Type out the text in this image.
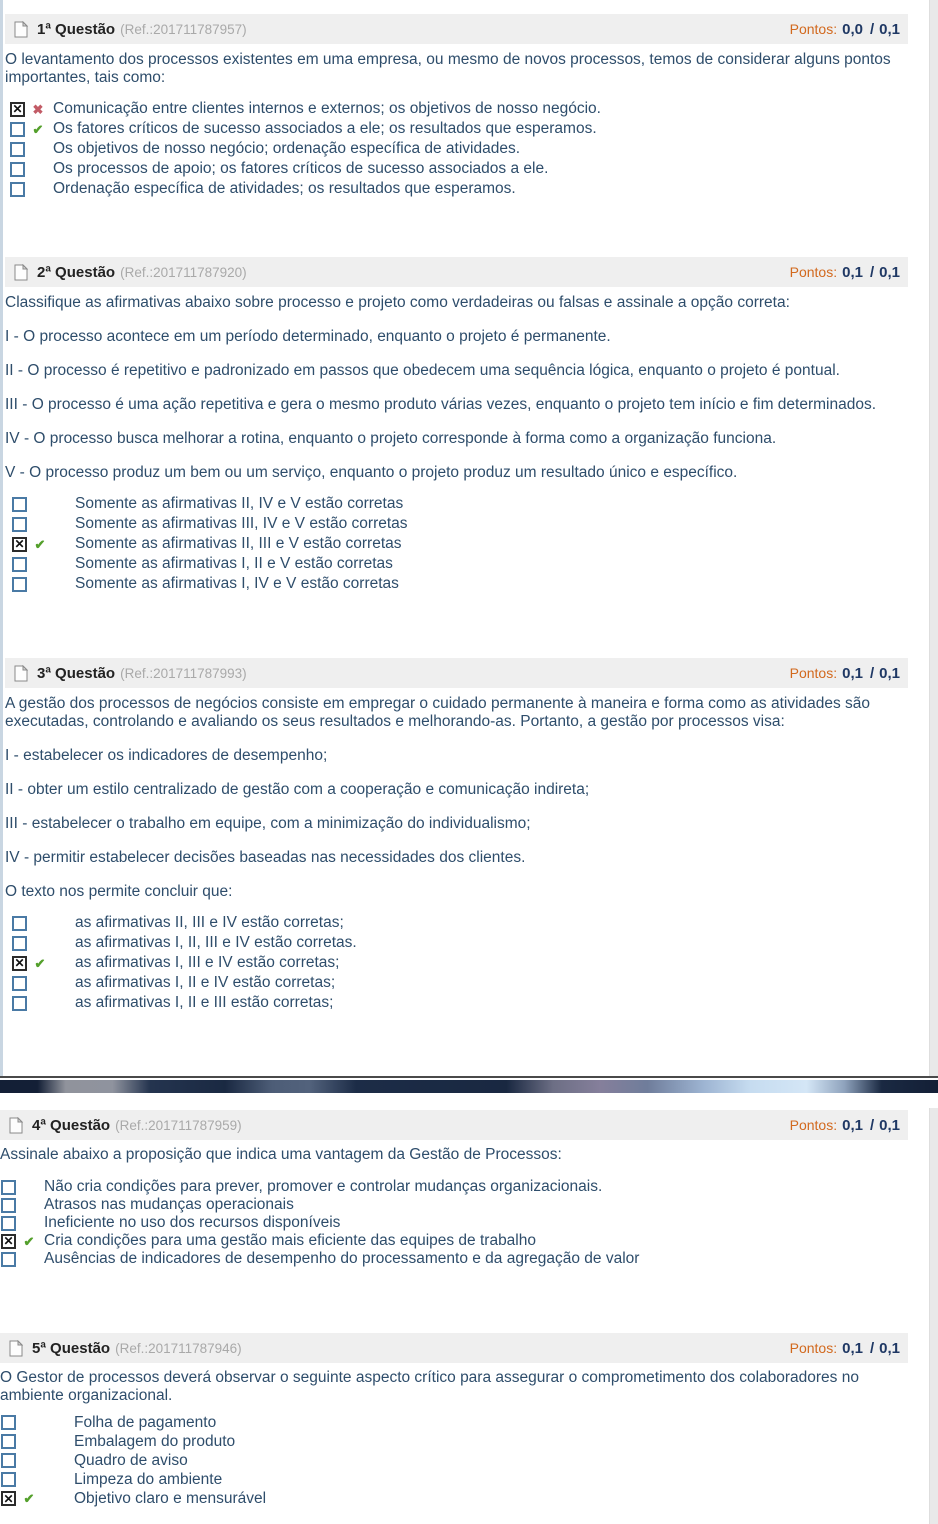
1ª Questão (Ref.:201711787957)	Pontos: 0,0 / 0,1

O levantamento dos processos existentes em uma empresa, ou mesmo de novos processos, temos de considerar alguns pontos importantes, tais como:

✕ ✖ Comunicação entre clientes internos e externos; os objetivos de nosso negócio.
✔ Os fatores críticos de sucesso associados a ele; os resultados que esperamos.
Os objetivos de nosso negócio; ordenação específica de atividades.
Os processos de apoio; os fatores críticos de sucesso associados a ele.
Ordenação específica de atividades; os resultados que esperamos.
2ª Questão (Ref.:201711787920)	Pontos: 0,1 / 0,1

Classifique as afirmativas abaixo sobre processo e projeto como verdadeiras ou falsas e assinale a opção correta:

I - O processo acontece em um período determinado, enquanto o projeto é permanente.

II - O processo é repetitivo e padronizado em passos que obedecem uma sequência lógica, enquanto o projeto é pontual.

III - O processo é uma ação repetitiva e gera o mesmo produto várias vezes, enquanto o projeto tem início e fim determinados.

IV - O processo busca melhorar a rotina, enquanto o projeto corresponde à forma como a organização funciona.

V - O processo produz um bem ou um serviço, enquanto o projeto produz um resultado único e específico.

Somente as afirmativas II, IV e V estão corretas
Somente as afirmativas III, IV e V estão corretas
✕ ✔ Somente as afirmativas II, III e V estão corretas
Somente as afirmativas I, II e V estão corretas
Somente as afirmativas I, IV e V estão corretas
3ª Questão (Ref.:201711787993)	Pontos: 0,1 / 0,1

A gestão dos processos de negócios consiste em empregar o cuidado permanente à maneira e forma como as atividades são executadas, controlando e avaliando os seus resultados e melhorando-as. Portanto, a gestão por processos visa:

I - estabelecer os indicadores de desempenho;

II - obter um estilo centralizado de gestão com a cooperação e comunicação indireta;

III - estabelecer o trabalho em equipe, com a minimização do individualismo;

IV - permitir estabelecer decisões baseadas nas necessidades dos clientes.

O texto nos permite concluir que:

as afirmativas II, III e IV estão corretas;
as afirmativas I, II, III e IV estão corretas.
✕ ✔ as afirmativas I, III e IV estão corretas;
as afirmativas I, II e IV estão corretas;
as afirmativas I, II e III estão corretas;
4ª Questão (Ref.:201711787959)	Pontos: 0,1 / 0,1

Assinale abaixo a proposição que indica uma vantagem da Gestão de Processos:

Não cria condições para prever, promover e controlar mudanças organizacionais.
Atrasos nas mudanças operacionais
Ineficiente no uso dos recursos disponíveis
✕ ✔ Cria condições para uma gestão mais eficiente das equipes de trabalho
Ausências de indicadores de desempenho do processamento e da agregação de valor
5ª Questão (Ref.:201711787946)	Pontos: 0,1 / 0,1

O Gestor de processos deverá observar o seguinte aspecto crítico para assegurar o comprometimento dos colaboradores no ambiente organizacional.

Folha de pagamento
Embalagem do produto
Quadro de aviso
Limpeza do ambiente
✕ ✔	Objetivo claro e mensurável
